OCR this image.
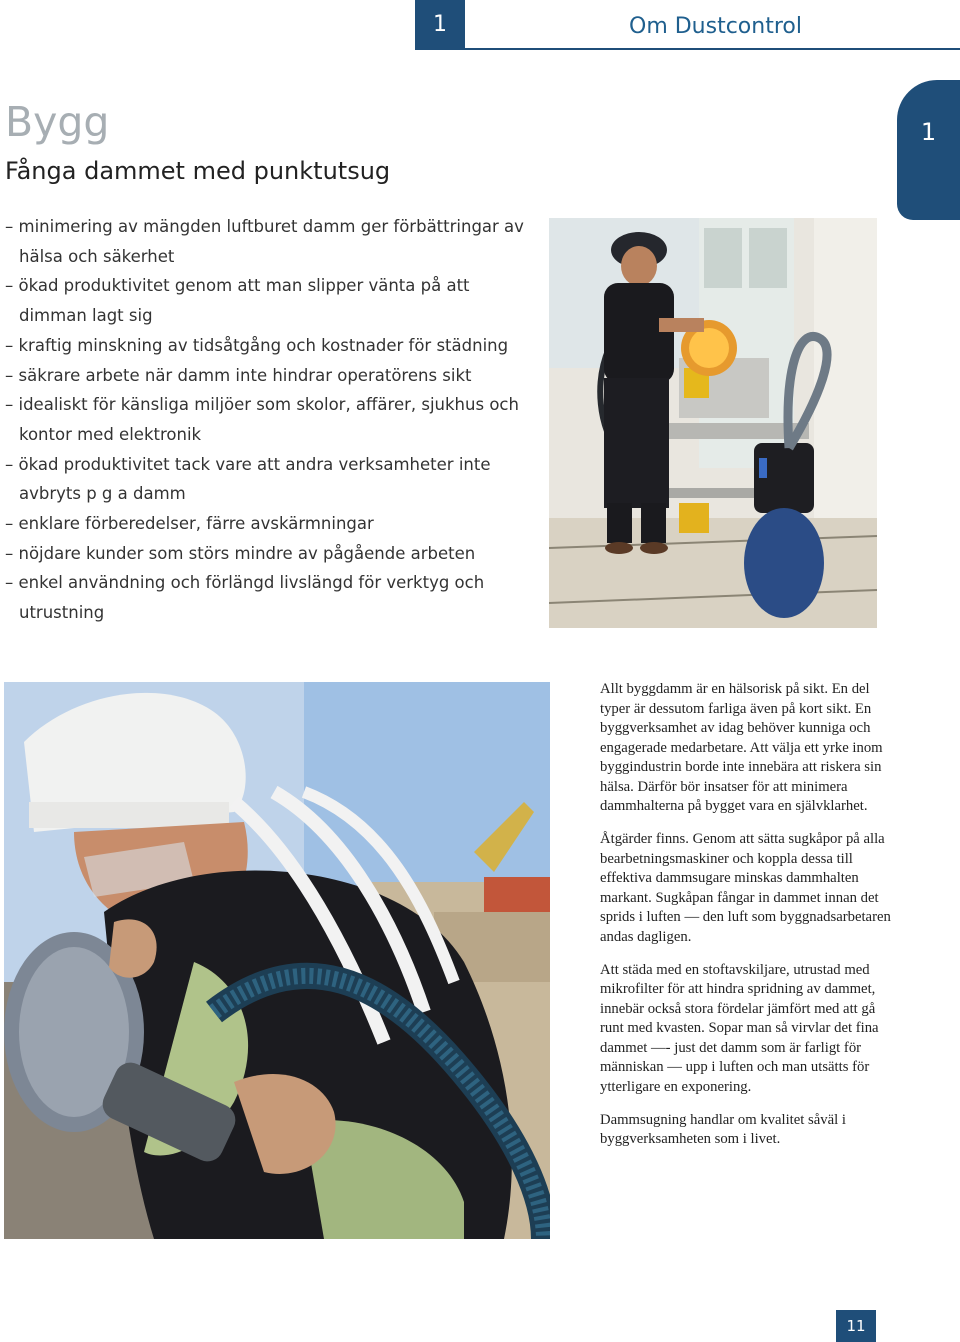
1	Om Dustcontrol
1
Bygg
Fånga dammet med punktutsug
– minimering av mängden luftburet damm ger förbättringar av hälsa och säkerhet
– ökad produktivitet genom att man slipper vänta på att dimman lagt sig
– kraftig minskning av tidsåtgång och kostnader för städning
– säkrare arbete när damm inte hindrar operatörens sikt
– idealiskt för känsliga miljöer som skolor, affärer, sjukhus och kontor med elektronik
– ökad produktivitet tack vare att andra verksamheter inte avbryts p g a damm
– enklare förberedelser, färre avskärmningar
– nöjdare kunder som störs mindre av pågående arbeten
– enkel användning och förlängd livslängd för verktyg och utrustning

Allt byggdamm är en hälsorisk på sikt. En del typer är dessutom farliga även på kort sikt. En byggverksamhet av idag behöver kunniga och engagerade medarbetare. Att välja ett yrke inom byggindustrin borde inte innebära att riskera sin hälsa. Därför bör insatser för att minimera dammhalterna på bygget vara en självklarhet.

Åtgärder finns. Genom att sätta sugkåpor på alla bearbetningsmaskiner och koppla dessa till effektiva dammsugare minskas dammhalten markant. Sugkåpan fångar in dammet innan det sprids i luften — den luft som byggnadsarbetaren andas dagligen.

Att städa med en stoftavskiljare, utrustad med mikrofilter för att hindra spridning av dammet, innebär också stora fördelar jämfört med att gå runt med kvasten. Sopar man så virvlar det fina dammet —- just det damm som är farligt för människan — upp i luften och man utsätts för ytterligare en exponering.

Dammsugning handlar om kvalitet såväl i byggverksamheten som i livet.

11
